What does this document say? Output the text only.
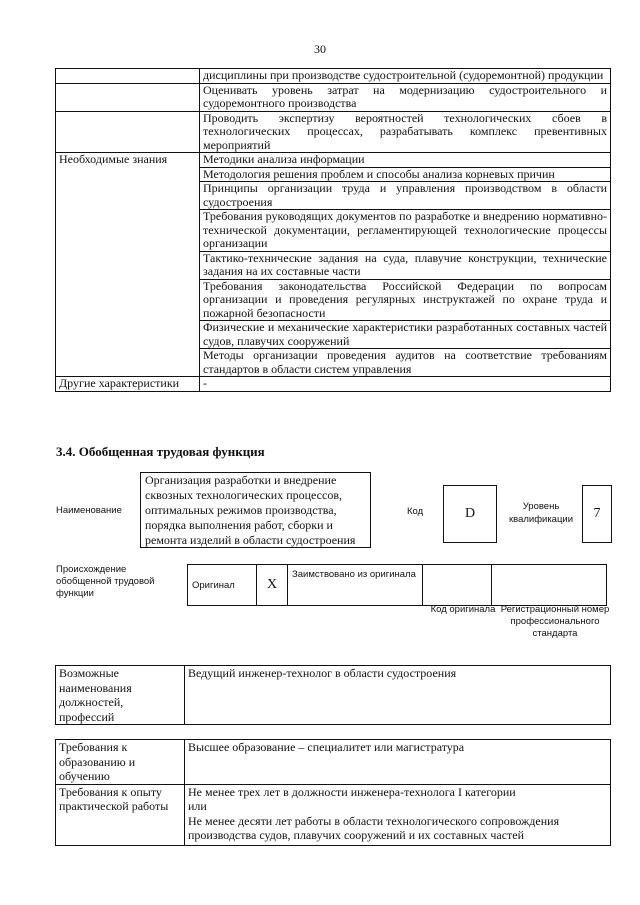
30
	дисциплины при производстве судостроительной (судоремонтной) продукции
	Оценивать уровень затрат на модернизацию судостроительного и судоремонтного производства
	Проводить экспертизу вероятностей технологических сбоев в технологических процессах, разрабатывать комплекс превентивных мероприятий
Необходимые знания	Методики анализа информации
	Методология решения проблем и способы анализа корневых причин
	Принципы организации труда и управления производством в области судостроения
	Требования руководящих документов по разработке и внедрению нормативно-технической документации, регламентирующей технологические процессы организации
	Тактико-технические задания на суда, плавучие конструкции, технические задания на их составные части
	Требования законодательства Российской Федерации по вопросам организации и проведения регулярных инструктажей по охране труда и пожарной безопасности
	Физические и механические характеристики разработанных составных частей судов, плавучих сооружений
	Методы организации проведения аудитов на соответствие требованиям стандартов в области систем управления
Другие характеристики	-
3.4. Обобщенная трудовая функция
Наименование
Организация разработки и внедрение сквозных технологических процессов, оптимальных режимов производства, порядка выполнения работ, сборки и ремонта изделий в области судостроения
Код	D	Уровень квалификации	7
Происхождение обобщенной трудовой функции
Оригинал	X	Заимствовано из оригинала		
Код оригинала Регистрационный номер профессионального стандарта
Возможные наименования должностей, профессий	Ведущий инженер-технолог в области судостроения
Требования к образованию и обучению	Высшее образование – специалитет или магистратура
Требования к опыту практической работы	Не менее трех лет в должности инженера-технолога I категории
или
Не менее десяти лет работы в области технологического сопровождения производства судов, плавучих сооружений и их составных частей
